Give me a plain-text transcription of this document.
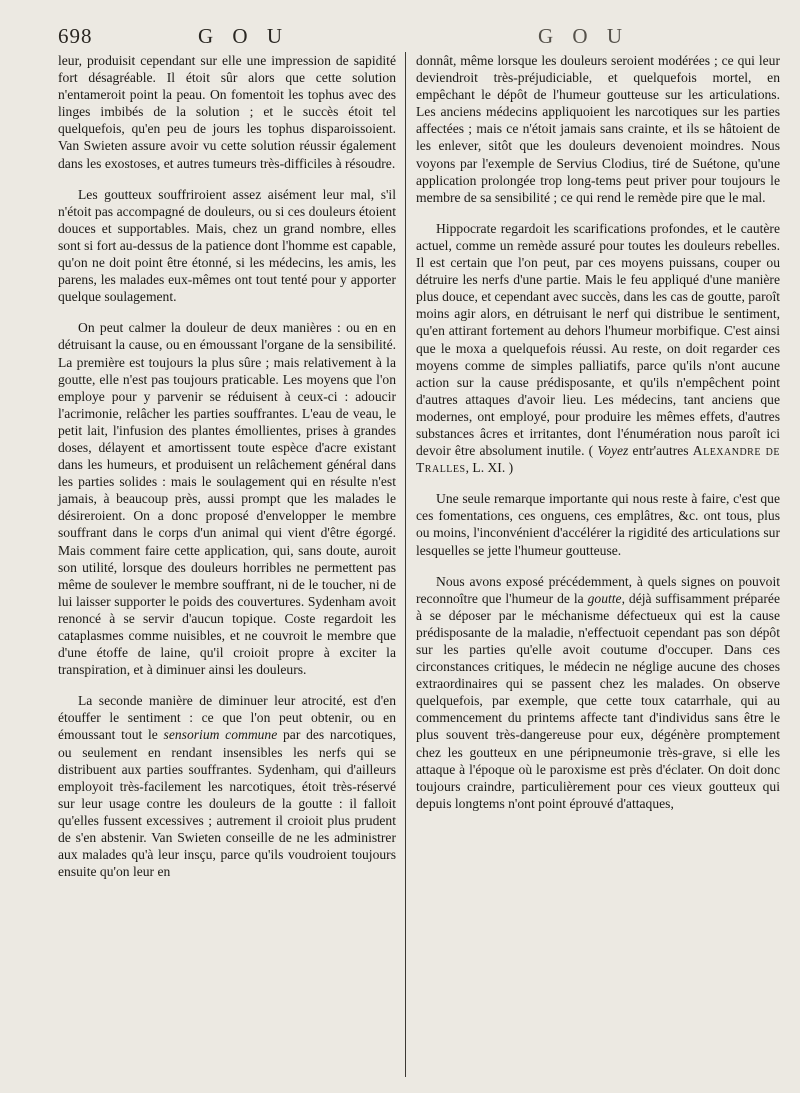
698	G O U	G O U

leur, produisit cependant sur elle une impression de sapidité fort désagréable. Il étoit sûr alors que cette solution n'entameroit point la peau. On fomentoit les tophus avec des linges imbibés de la solution ; et le succès étoit tel quelquefois, qu'en peu de jours les tophus disparoissoient. Van Swieten assure avoir vu cette solution réussir également dans les exostoses, et autres tumeurs très-difficiles à résoudre.

Les goutteux souffriroient assez aisément leur mal, s'il n'étoit pas accompagné de douleurs, ou si ces douleurs étoient douces et supportables. Mais, chez un grand nombre, elles sont si fort au-dessus de la patience dont l'homme est capable, qu'on ne doit point être étonné, si les médecins, les amis, les parens, les malades eux-mêmes ont tout tenté pour y apporter quelque soulagement.

On peut calmer la douleur de deux manières : ou en en détruisant la cause, ou en émoussant l'organe de la sensibilité. La première est toujours la plus sûre ; mais relativement à la goutte, elle n'est pas toujours praticable. Les moyens que l'on employe pour y parvenir se réduisent à ceux-ci : adoucir l'acrimonie, relâcher les parties souffrantes. L'eau de veau, le petit lait, l'infusion des plantes émollientes, prises à grandes doses, délayent et amortissent toute espèce d'acre existant dans les humeurs, et produisent un relâchement général dans les parties solides : mais le soulagement qui en résulte n'est jamais, à beaucoup près, aussi prompt que les malades le désireroient. On a donc proposé d'envelopper le membre souffrant dans le corps d'un animal qui vient d'être égorgé. Mais comment faire cette application, qui, sans doute, auroit son utilité, lorsque des douleurs horribles ne permettent pas même de soulever le membre souffrant, ni de le toucher, ni de lui laisser supporter le poids des couvertures. Sydenham avoit renoncé à se servir d'aucun topique. Coste regardoit les cataplasmes comme nuisibles, et ne couvroit le membre que d'une étoffe de laine, qu'il croioit propre à exciter la transpiration, et à diminuer ainsi les douleurs.

La seconde manière de diminuer leur atrocité, est d'en étouffer le sentiment : ce que l'on peut obtenir, ou en émoussant tout le sensorium commune par des narcotiques, ou seulement en rendant insensibles les nerfs qui se distribuent aux parties souffrantes. Sydenham, qui d'ailleurs employoit très-facilement les narcotiques, étoit très-réservé sur leur usage contre les douleurs de la goutte : il falloit qu'elles fussent excessives ; autrement il croioit plus prudent de s'en abstenir. Van Swieten conseille de ne les administrer aux malades qu'à leur insçu, parce qu'ils voudroient toujours ensuite qu'on leur en

donnât, même lorsque les douleurs seroient modérées ; ce qui leur deviendroit très-préjudiciable, et quelquefois mortel, en empêchant le dépôt de l'humeur goutteuse sur les articulations. Les anciens médecins appliquoient les narcotiques sur les parties affectées ; mais ce n'étoit jamais sans crainte, et ils se hâtoient de les enlever, sitôt que les douleurs devenoient moindres. Nous voyons par l'exemple de Servius Clodius, tiré de Suétone, qu'une application prolongée trop long-tems peut priver pour toujours le membre de sa sensibilité ; ce qui rend le remède pire que le mal.

Hippocrate regardoit les scarifications profondes, et le cautère actuel, comme un remède assuré pour toutes les douleurs rebelles. Il est certain que l'on peut, par ces moyens puissans, couper ou détruire les nerfs d'une partie. Mais le feu appliqué d'une manière plus douce, et cependant avec succès, dans les cas de goutte, paroît moins agir alors, en détruisant le nerf qui distribue le sentiment, qu'en attirant fortement au dehors l'humeur morbifique. C'est ainsi que le moxa a quelquefois réussi. Au reste, on doit regarder ces moyens comme de simples palliatifs, parce qu'ils n'ont aucune action sur la cause prédisposante, et qu'ils n'empêchent point d'autres attaques d'avoir lieu. Les médecins, tant anciens que modernes, ont employé, pour produire les mêmes effets, d'autres substances âcres et irritantes, dont l'énumération nous paroît ici devoir être absolument inutile. ( Voyez entr'autres Alexandre de Tralles, L. XI. )

Une seule remarque importante qui nous reste à faire, c'est que ces fomentations, ces onguens, ces emplâtres, &c. ont tous, plus ou moins, l'inconvénient d'accélérer la rigidité des articulations sur lesquelles se jette l'humeur goutteuse.

Nous avons exposé précédemment, à quels signes on pouvoit reconnoître que l'humeur de la goutte, déjà suffisamment préparée à se déposer par le méchanisme défectueux qui est la cause prédisposante de la maladie, n'effectuoit cependant pas son dépôt sur les parties qu'elle avoit coutume d'occuper. Dans ces circonstances critiques, le médecin ne néglige aucune des choses extraordinaires qui se passent chez les malades. On observe quelquefois, par exemple, que cette toux catarrhale, qui au commencement du printems affecte tant d'individus sans être le plus souvent très-dangereuse pour eux, dégénère promptement chez les goutteux en une péripneumonie très-grave, si elle les attaque à l'époque où le paroxisme est près d'éclater. On doit donc toujours craindre, particulièrement pour ces vieux goutteux qui depuis longtems n'ont point éprouvé d'attaques,
